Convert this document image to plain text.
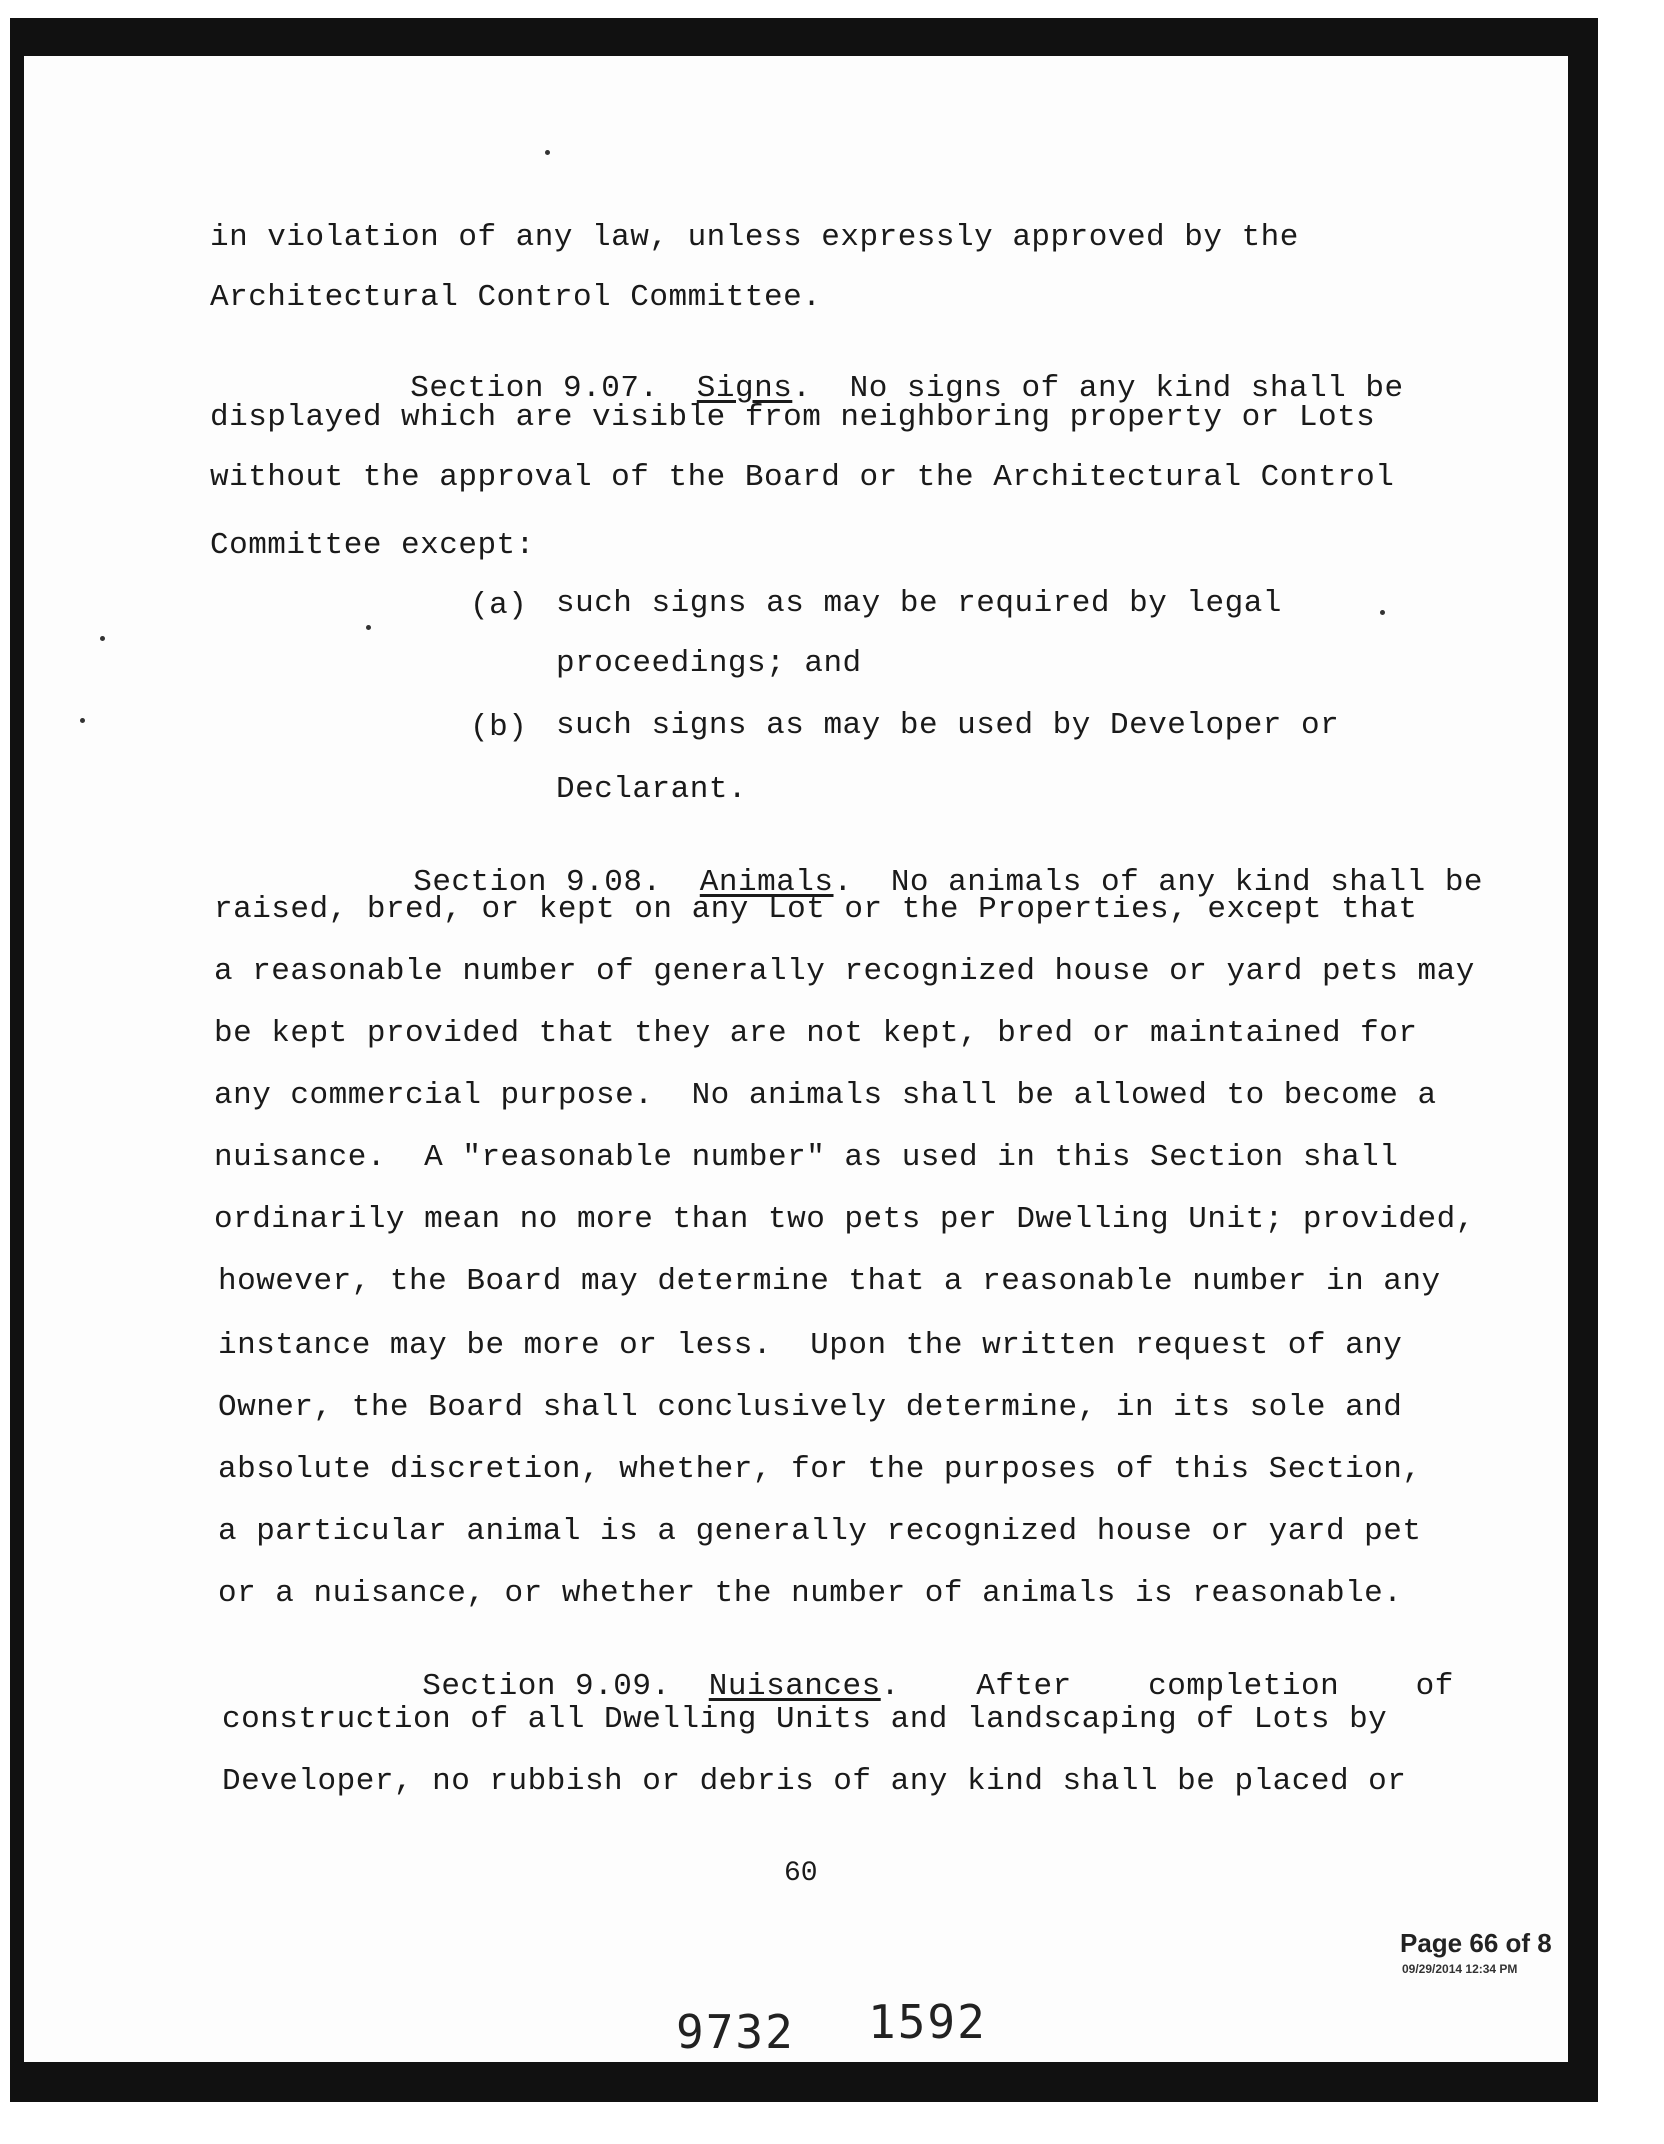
in violation of any law, unless expressly approved by the
Architectural Control Committee.

Section 9.07. Signs.  No signs of any kind shall be

displayed which are visible from neighboring property or Lots
without the approval of the Board or the Architectural Control
Committee except:
(a) such signs as may be required by legal
proceedings; and
(b) such signs as may be used by Developer or
Declarant.

Section 9.08. Animals.  No animals of any kind shall be

raised, bred, or kept on any Lot or the Properties, except that
a reasonable number of generally recognized house or yard pets may
be kept provided that they are not kept, bred or maintained for
any commercial purpose.  No animals shall be allowed to become a
nuisance.  A "reasonable number" as used in this Section shall
ordinarily mean no more than two pets per Dwelling Unit; provided,
however, the Board may determine that a reasonable number in any
instance may be more or less.  Upon the written request of any
Owner, the Board shall conclusively determine, in its sole and
absolute discretion, whether, for the purposes of this Section,
a particular animal is a generally recognized house or yard pet
or a nuisance, or whether the number of animals is reasonable.

Section 9.09. Nuisances.    After    completion    of

construction of all Dwelling Units and landscaping of Lots by
Developer, no rubbish or debris of any kind shall be placed or
60
Page 66 of 8
09/29/2014 12:34 PM
9732 1592
